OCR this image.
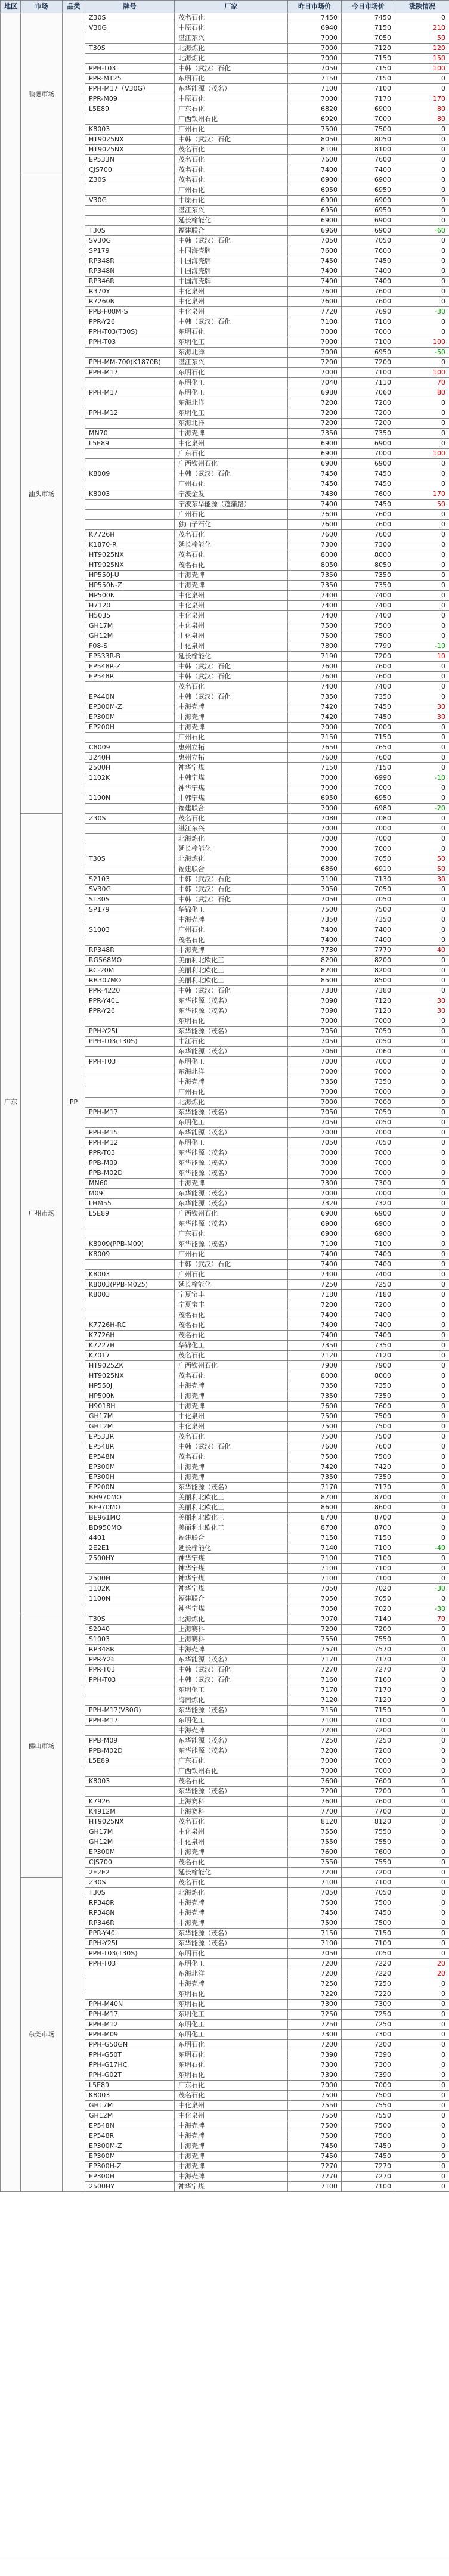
地区	市场	品类	牌号	厂家	昨日市场价	今日市场价	涨跌情况
广东	顺德市场	PP	Z30S	茂名石化	7450	7450	0
			V30G	中原石化	6940	7150	210
				湛江东兴	7000	7050	50
			T30S	北海炼化	7000	7120	120
				北海炼化	7000	7150	150
			PPH-T03	中韩（武汉）石化	7050	7150	100
			PPR-MT25	东明石化	7150	7150	0
			PPH-M17（V30G）	东华能源（茂名）	7100	7100	0
			PPR-M09	中原石化	7000	7170	170
			L5E89	广东石化	6820	6900	80
				广西钦州石化	6920	7000	80
			K8003	广州石化	7500	7500	0
			HT9025NX	中韩（武汉）石化	8050	8050	0
			HT9025NX	茂名石化	8100	8100	0
			EP533N	茂名石化	7600	7600	0
			CJS700	茂名石化	7400	7400	0
	汕头市场		Z30S	茂名石化	6900	6900	0
				广州石化	6950	6950	0
			V30G	中原石化	6900	6900	0
				湛江东兴	6950	6950	0
				延长榆能化	6900	6900	0
			T30S	福建联合	6960	6900	-60
			SV30G	中韩（武汉）石化	7050	7050	0
			SP179	中国海壳牌	7600	7600	0
			RP348R	中国海壳牌	7450	7450	0
			RP348N	中国海壳牌	7400	7400	0
			RP346R	中国海壳牌	7400	7400	0
			R370Y	中化泉州	7600	7600	0
			R7260N	中化泉州	7600	7600	0
			PPB-F08M-S	中化泉州	7720	7690	-30
			PPR-Y26	中韩（武汉）石化	7100	7100	0
			PPH-T03(T30S)	东明石化	7000	7000	0
			PPH-T03	东明化工	7000	7100	100
				东海北洋	7000	6950	-50
			PPH-MM-700(K1870B)	湛江东兴	7200	7200	0
			PPH-M17	东明石化	7000	7100	100
				东明化工	7040	7110	70
			PPH-M17	东明化工	6980	7060	80
				东海北洋	7200	7200	0
			PPH-M12	东明化工	7200	7200	0
				东海北洋	7200	7200	0
			MN70	中海壳牌	7350	7350	0
			L5E89	中化泉州	6900	6900	0
				广东石化	6900	7000	100
				广西钦州石化	6900	6900	0
			K8009	中韩（武汉）石化	7450	7450	0
				广州石化	7450	7450	0
			K8003	宁波金发	7430	7600	170
				宁波东华能源（蓬蒲路）	7400	7450	50
				广州石化	7600	7600	0
				独山子石化	7600	7600	0
			K7726H	茂名石化	7600	7600	0
			K1870-R	延长榆能化	7300	7300	0
			HT9025NX	茂名石化	8000	8000	0
			HT9025NX	茂名石化	8050	8050	0
			HP550J-U	中海壳牌	7350	7350	0
			HP550N-Z	中海壳牌	7350	7350	0
			HP500N	中化泉州	7400	7400	0
			H7120	中化泉州	7400	7400	0
			H5035	中化泉州	7400	7400	0
			GH17M	中化泉州	7500	7500	0
			GH12M	中化泉州	7500	7500	0
			F08-S	中化泉州	7800	7790	-10
			EP533R-B	延长榆能化	7190	7200	10
			EP548R-Z	中韩（武汉）石化	7600	7600	0
			EP548R	中韩（武汉）石化	7600	7600	0
				茂名石化	7400	7400	0
			EP440N	中韩（武汉）石化	7350	7350	0
			EP300M-Z	中海壳牌	7420	7450	30
			EP300M	中海壳牌	7420	7450	30
			EP200H	中海壳牌	7000	7000	0
				广州石化	7150	7150	0
			C8009	惠州立拓	7650	7650	0
			3240H	惠州立拓	7600	7600	0
			2500H	神华宁煤	7150	7150	0
			1102K	中韩宁煤	7000	6990	-10
				神华宁煤	7000	7000	0
			1100N	中韩宁煤	6950	6950	0
				福建联合	7000	6980	-20
	广州市场		Z30S	茂名石化	7080	7080	0
				湛江东兴	7000	7000	0
				北海炼化	7000	7000	0
				延长榆能化	7000	7000	0
			T30S	北海炼化	7000	7050	50
				福建联合	6860	6910	50
			S2103	中韩（武汉）石化	7100	7130	30
			SV30G	中韩（武汉）石化	7050	7050	0
			ST30S	中韩（武汉）石化	7050	7050	0
			SP179	华锦化工	7500	7500	0
				中海壳牌	7350	7350	0
			S1003	广州石化	7400	7400	0
				茂名石化	7400	7400	0
			RP348R	中海壳牌	7730	7770	40
			RG568MO	美丽利北欧化工	8200	8200	0
			RC-20M	美丽利北欧化工	8200	8200	0
			RB307MO	美丽利北欧化工	8500	8500	0
			PPR-4220	中韩（武汉）石化	7380	7380	0
			PPR-Y40L	东华能源（茂名）	7090	7120	30
			PPR-Y26	东华能源（茂名）	7090	7120	30
				东明石化	7000	7000	0
			PPH-Y25L	东华能源（茂名）	7050	7050	0
			PPH-T03(T30S)	中江石化	7050	7050	0
				东华能源（茂名）	7060	7060	0
			PPH-T03	东明化工	7000	7000	0
				东海北洋	7000	7000	0
				中海壳牌	7350	7350	0
				广州石化	7000	7000	0
				北海炼化	7000	7000	0
			PPH-M17	东华能源（茂名）	7050	7050	0
				东明化工	7050	7050	0
			PPH-M15	东华能源（茂名）	7000	7000	0
			PPH-M12	东明化工	7050	7050	0
			PPR-T03	东华能源（茂名）	7000	7000	0
			PPB-M09	东华能源（茂名）	7000	7000	0
			PPB-M02D	东华能源（茂名）	7000	7000	0
			MN60	中海壳牌	7300	7300	0
			M09	东华能源（茂名）	7000	7000	0
			LHM55	东华能源（茂名）	7320	7320	0
			L5E89	广西钦州石化	6900	6900	0
				东华能源（茂名）	6900	6900	0
				广东石化	6900	6900	0
			K8009(PPB-M09)	东华能源（茂名）	7100	7100	0
			K8009	广州石化	7400	7400	0
				中韩（武汉）石化	7400	7400	0
			K8003	广州石化	7400	7400	0
			K8003(PPB-M025)	延长榆能化	7250	7250	0
			K8003	宁夏宝丰	7180	7180	0
				宁夏宝丰	7200	7200	0
				茂名石化	7400	7400	0
			K7726H-RC	茂名石化	7400	7400	0
			K7726H	茂名石化	7400	7400	0
			K7227H	华锦化工	7350	7350	0
			K7017	茂名石化	7120	7120	0
			HT9025ZK	广西钦州石化	7900	7900	0
			HT9025NX	茂名石化	8000	8000	0
			HP550J	中海壳牌	7350	7350	0
			HP500N	中海壳牌	7350	7350	0
			H9018H	中海壳牌	7600	7600	0
			GH17M	中化泉州	7500	7500	0
			GH12M	中化泉州	7500	7500	0
			EP533R	茂名石化	7500	7500	0
			EP548R	中韩（武汉）石化	7600	7600	0
			EP548N	茂名石化	7500	7500	0
			EP300M	中海壳牌	7420	7420	0
			EP300H	中海壳牌	7350	7350	0
			EP200N	东华能源（茂名）	7170	7170	0
			BH970MO	美丽利北欧化工	8700	8700	0
			BF970MO	美丽利北欧化工	8600	8600	0
			BE961MO	美丽利北欧化工	8700	8700	0
			BD950MO	美丽利北欧化工	8700	8700	0
			4401	福建联合	7150	7150	0
			2E2E1	延长榆能化	7140	7100	-40
			2500HY	神华宁煤	7100	7100	0
				神华宁煤	7100	7100	0
			2500H	神华宁煤	7100	7100	0
			1102K	神华宁煤	7050	7020	-30
			1100N	福建联合	7050	7050	0
				神华宁煤	7050	7020	-30
	佛山市场		T30S	北海炼化	7070	7140	70
			S2040	上海赛科	7200	7200	0
			S1003	上海赛科	7550	7550	0
			RP348R	中海壳牌	7570	7570	0
			PPR-Y26	东华能源（茂名）	7170	7170	0
			PPR-T03	中韩（武汉）石化	7270	7270	0
			PPH-T03	中韩（武汉）石化	7160	7160	0
				东明化工	7170	7170	0
				海南炼化	7120	7120	0
			PPH-M17(V30G)	东华能源（茂名）	7150	7150	0
			PPH-M17	东明化工	7100	7100	0
				中海壳牌	7200	7200	0
			PPB-M09	东华能源（茂名）	7250	7250	0
			PPB-M02D	东华能源（茂名）	7200	7200	0
			L5E89	广东石化	7000	7000	0
				广西钦州石化	7000	7000	0
			K8003	茂名石化	7600	7600	0
				东华能源（茂名）	7200	7200	0
			K7926	上海赛科	7600	7600	0
			K4912M	上海赛科	7700	7700	0
			HT9025NX	茂名石化	8120	8120	0
			GH17M	中化泉州	7550	7550	0
			GH12M	中化泉州	7550	7550	0
			EP300M	中海壳牌	7600	7600	0
			CJS700	茂名石化	7550	7550	0
			2E2E2	延长榆能化	7200	7200	0
	东莞市场		Z30S	茂名石化	7100	7100	0
			T30S	北海炼化	7050	7050	0
			RP348R	中海壳牌	7500	7500	0
			RP348N	中海壳牌	7450	7450	0
			RP346R	中海壳牌	7500	7500	0
			PPR-Y40L	东华能源（茂名）	7150	7150	0
			PPH-Y25L	东华能源（茂名）	7100	7100	0
			PPH-T03(T30S)	东明石化	7050	7050	0
			PPH-T03	东明化工	7200	7220	20
				东海北洋	7200	7220	20
				中海壳牌	7250	7250	0
				东明石化	7220	7220	0
			PPH-M40N	东明石化	7300	7300	0
			PPH-M17	东明化工	7250	7250	0
			PPH-M12	东明化工	7250	7250	0
			PPH-M09	东明化工	7300	7300	0
			PPH-G50GN	东明石化	7200	7200	0
			PPH-G50T	东明石化	7390	7390	0
			PPH-G17HC	东明石化	7300	7300	0
			PPH-G02T	东明石化	7390	7390	0
			L5E89	广东石化	7000	7000	0
			K8003	茂名石化	7500	7500	0
			GH17M	中化泉州	7550	7550	0
			GH12M	中化泉州	7550	7550	0
			EP548N	中海壳牌	7500	7500	0
			EP548R	中海壳牌	7500	7500	0
			EP300M-Z	中海壳牌	7450	7450	0
			EP300M	中海壳牌	7450	7450	0
			EP300H-Z	中海壳牌	7270	7270	0
			EP300H	中海壳牌	7270	7270	0
			2500HY	神华宁煤	7100	7100	0
